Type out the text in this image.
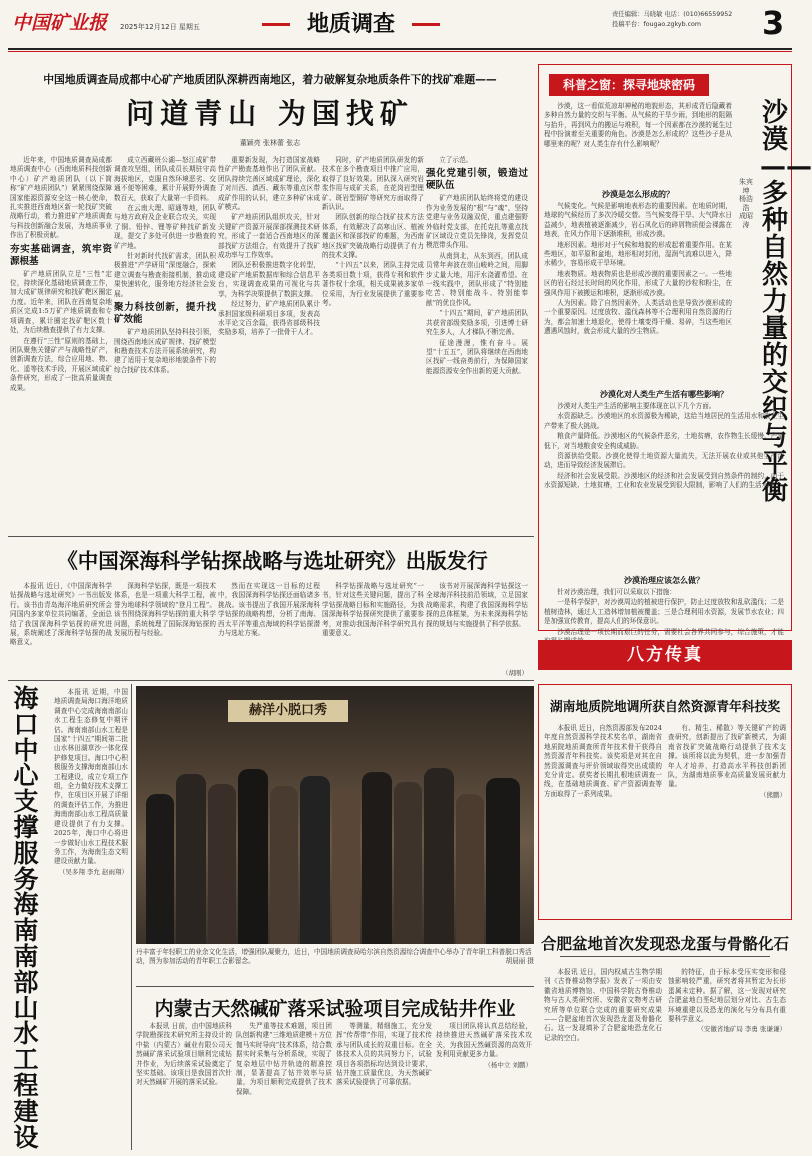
中国矿业报 2025年12月12日 星期五	地质调查	责任编辑：马晓敏 电话：(010)66559952
投稿平台：fougao.zgkyb.com	3
中国地质调查局成都中心矿产地质团队深耕西南地区，着力破解复杂地质条件下的找矿难题——
问道青山 为国找矿
董颖亮 张林蕾 张志

近年来，中国地质调查局成都地质调查中心（西南地质科技创新中心）矿产地质团队（以下简称“矿产地质团队”）紧紧围绕保障国家能源资源安全这一核心使命，扎实推进西南地区新一轮找矿突破战略行动，着力推进矿产地质调查与科技创新融合发展，为地质事业作出了积极贡献。

夯实基础调查，筑牢资源根基

矿产地质团队立足“三性”定位，持续深化基础地质调查工作，加大成矿规律研究和找矿靶区圈定力度。近年来，团队在西南复杂地质区完成1:5万矿产地质调查和专项调查，累计圈定找矿靶区数十处，为后续勘查提供了有力支撑。

在遵行“三性”原则的基础上，团队聚焦关键矿产与战略性矿产，创新调查方法，综合应用地、物、化、遥等技术手段，开展区域成矿条件研究，形成了一批高质量调查成果。

成立西藏班公湖—怒江成矿带调查攻坚组，团队成员长期驻守高海拔地区，克服自然环境恶劣、交通不便等困难，累计开展野外调查数百天，获取了大量第一手资料。

在云南大理、昭通等地，团队与地方政府及企业联合攻关，实现了铜、铅锌、锂等矿种找矿新发现，提交了多处可供进一步勘查的矿产地。

针对新时代找矿需求，团队积极推进“产学研用”深度融合，探索建立调查与勘查衔接机制，推动成果快速转化，服务地方经济社会发展。

聚力科技创新，提升找矿效能

矿产地质团队坚持科技引领，围绕西南地区成矿规律、找矿模型和勘查技术方法开展系统研究，构建了适用于复杂地形地貌条件下的综合找矿技术体系。

重要新发现，为打造国家战略性矿产勘查基地作出了团队贡献。团队持续完善区域成矿理论，深化了对川西、滇西、藏东等重点区带成矿作用的认识，建立多种矿床成矿模式。

矿产地质团队组织攻关，针对关键矿产资源开展深部探测技术研究，形成了一套适合西南地区的深部找矿方法组合，有效提升了找矿成功率与工作效率。

团队还积极推进数字化转型，建设矿产地质数据库和综合信息平台，实现调查成果的可视化与共享，为科学决策提供了数据支撑。

经过努力，矿产地质团队累计承担国家级科研项目多项，发表高水平论文百余篇，获得省部级科技奖励多项，培养了一批骨干人才。

同时，矿产地质团队研发的新技术在多个勘查项目中推广应用，取得了良好效果。团队深入研究岩浆作用与成矿关系，在花岗岩型锂矿、斑岩型铜矿等研究方面取得了新认识。

团队创新的综合找矿技术方法体系，有效解决了高寒山区、植被覆盖区和深部找矿的难题，为西南地区找矿突破战略行动提供了有力的技术支撑。

“十四五”以来，团队主持完成各类项目数十项，获得专利和软件著作权十余项，相关成果被多家单位采用，为行业发展提供了重要参考。

立了示范。

强化党建引领，锻造过硬队伍

矿产地质团队始终将党的建设作为业务发展的“根”与“魂”，坚持党建与业务双融双促，重点建强野外临时党支部，在托克扎等重点找矿区域设立党员先锋岗，发挥党员模范带头作用。

从南到北，从东到西，团队成员常年奔波在崇山峻岭之间，用脚步丈量大地，用汗水浇灌希望。在一线实践中，团队形成了“特别能吃苦、特别能战斗、特别能奉献”的优良作风。

“十四五”期间，矿产地质团队共获省部级奖励多项，引进博士研究生多人，人才梯队不断完善。

征途漫漫，惟有奋斗。展望“十五五”，团队将继续在西南地区找矿一线奋勇前行，为保障国家能源资源安全作出新的更大贡献。

科普之窗：探寻地球密码
沙漠——多种自然力量的交织与平衡
朱宾坤 杨浩浩 成昭涛

沙漠，这一看似荒凉却神秘的地貌形态，其形成背后隐藏着多种自然力量的交织与平衡。从气候的干旱少雨，到地形的阻隔与抬升，再到风力的搬运与堆积，每一个因素都在沙漠的诞生过程中扮演着至关重要的角色。沙漠是怎么形成的？这些沙子是从哪里来的呢？对人类生存有什么影响呢？

沙漠是怎么形成的？

气候变化。气候是影响地表形态的重要因素。在地质时期，地球的气候经历了多次冷暖交替。当气候变得干旱、大气降水日益减少，地表植被逐渐减少，岩石风化后的碎屑物质便会裸露在地表，在风力作用下逐渐堆积，形成沙漠。

地形因素。地形对于气候和地貌的形成起着重要作用。在某些地区，如平原和盆地，地形相对封闭，湿润气流难以进入，降水稀少，容易形成干旱环境。

地表物质。地表物质也是形成沙漠的重要因素之一。一些地区的岩石经过长时间的风化作用，形成了大量的沙粒和粉尘，在强风作用下被搬运和堆积，逐渐形成沙漠。

人为因素。除了自然因素外，人类活动也是导致沙漠形成的一个重要原因。过度放牧、滥伐森林等不合理利用自然资源的行为，都会加速土地退化，使得土壤变得干燥、易碎，当这些地区遭遇风蚀时，就会形成大量的沙尘物质。

沙漠化对人类生产生活有哪些影响？

沙漠对人类生产生活的影响主要体现在以下几个方面。

水资源缺乏。沙漠地区的水资源极为稀缺，这给当地居民的生活用水和农业生产带来了极大挑战。

粮食产量降低。沙漠地区的气候条件恶劣，土地贫瘠，农作物生长缓慢，产量低下，对当地粮食安全构成威胁。

资源供给受限。沙漠化使得土地资源大量流失，无法开展农业或其他生产活动，进而导致经济发展滞后。

经济和社会发展受限。沙漠地区的经济和社会发展受到自然条件的制约，由于水资源短缺、土地贫瘠，工业和农业发展受到很大限制，影响了人们的生活水平。

沙漠治理应该怎么做？

针对沙漠治理，我们可以采取以下措施：

一是科学保护，对沙漠周边的植被进行保护，防止过度放牧和乱砍滥伐；二是植树造林，通过人工造林增加植被覆盖；三是合理利用水资源，发展节水农业；四是加强宣传教育，提高人们的环保意识。

沙漠治理是一项长期而艰巨的任务，需要社会各界共同参与，综合施策，才能

《中国深海科学钻探战略与选址研究》出版发行

本报讯 近日，《中国深海科学钻探战略与选址研究》一书出版发行。该书由青岛海洋地质研究所会同国内多家单位共同编著，全面总结了我国深海科学钻探的研究进展，系统阐述了深海科学钻探的战略意义。

深海科学钻探，既是一项技术体系，也是一项重大科学工程，被誉为地球科学领域的“登月工程”。该书围绕深海科学钻探的重大科学问题，系统梳理了国际深海钻探的发展历程与经验。

然而在实现这一目标的过程中，我国深海科学钻探还面临诸多挑战。该书提出了我国开展深海科学钻探的战略构想，分析了南海、西太平洋等重点海域的科学钻探潜力与选址方案。

科学钻探战略与选址研究”一书，针对这些关键问题，提出了科学钻探战略目标和实施路径，为我国深海科学钻探研究提供了重要参考，对推动我国海洋科学研究具有重要意义。

该书对开展深海科学钻探这一全球海洋科技前沿领域，立足国家战略需求，构建了我国深海科学钻探的总体框架，为未来深海科学钻探的规划与实施提供了科学依据。

（胡刚）
海口中心支撑服务海南南部山水工程建设

本报讯 近期，中国地质调查局海口海洋地质调查中心完成海南南部山水工程生态修复中期评估。海南南部山水工程是国家“十四五”期间第二批山水林田湖草沙一体化保护修复项目。海口中心积极服务支撑海南南部山水工程建设，成立专项工作组，全力做好技术支撑工作，在项目区开展了详细的调查评估工作，为推进海南南部山水工程高质量建设提供了有力支撑。2025年，海口中心将进一步做好山水工程技术服务工作，为海南生态文明建设贡献力量。

（吴多翔 李允 赵雨翔）
赫洋小脱口秀
丹丰富于年轻职工的业余文化生活，增强团队凝聚力，近日，中国地质调查局哈尔滨自然资源综合调查中心举办了青年职工科普脱口秀活动，图为参加活动的青年职工合影留念。	胡晨丽 摄
内蒙古天然碱矿落采试验项目完成钻井作业

本报讯 日前，由中国地质科学院勘探技术研究所主持设计的中盐（内蒙古）碱业有限公司天然碱矿落采试验项目顺利完成钻井作业，为后续落采试验奠定了坚实基础。该项目是我国首次针对天然碱矿开展的落采试验。

失严重等技术难题，项目团队创新构建“三维地质建模＋方位伽马实时导向”技术体系，结合数据实时采集与分析系统，实现了复杂地层中钻井轨迹的精准控制，显著提高了钻井效率与质量，为项目顺利完成提供了技术保障。

等测量，精细施工，充分发挥“传帮带”作用，实现了技术传承与团队成长的双重目标。在全体技术人员的共同努力下，试验项目各项指标均达到设计要求，钻井施工质量优良，为天然碱矿落采试验提供了可靠依据。

项目团队将认真总结经验，持续推进天然碱矿落采技术攻关，为我国天然碱资源的高效开发利用贡献更多力量。

（杨中立 刘鹏）
八方传真
湖南地质院地调所获自然资源青年科技奖

本报讯 近日，自然资源部发布2024年度自然资源科学技术奖名单，湖南省地质院地质调查所青年技术骨干获得自然资源青年科技奖。该奖项是对其在自然资源调查与评价领域取得突出成绩的充分肯定。获奖者长期扎根地质调查一线，在基础地质调查、矿产资源调查等方面取得了一系列成果。

有、精生、稀散）等关键矿产的调查研究，创新提出了找矿新模式，为湖南省找矿突破战略行动提供了技术支撑。该所将以此为契机，进一步加强青年人才培养，打造高水平科技创新团队，为湖南地质事业高质量发展贡献力量。

（熊鹏）
合肥盆地首次发现恐龙蛋与骨骼化石

本报讯 近日，国内权威古生物学期刊《古脊椎动物学报》发表了一项由安徽省地质博物馆、中国科学院古脊椎动物与古人类研究所、安徽省文物考古研究所等单位联合完成的重要研究成果——合肥盆地首次发现恐龙蛋及骨骼化石。这一发现填补了合肥盆地恐龙化石记录的空白。

的特征，由于标本受压实变形和侵蚀影响较严重，研究者将其暂定为长形蛋属未定种。据了解，这一发现对研究合肥盆地白垩纪地层划分对比、古生态环境重建以及恐龙的演化与分布具有重要科学意义。

（安徽省地矿局 李勇 张谦谦）
